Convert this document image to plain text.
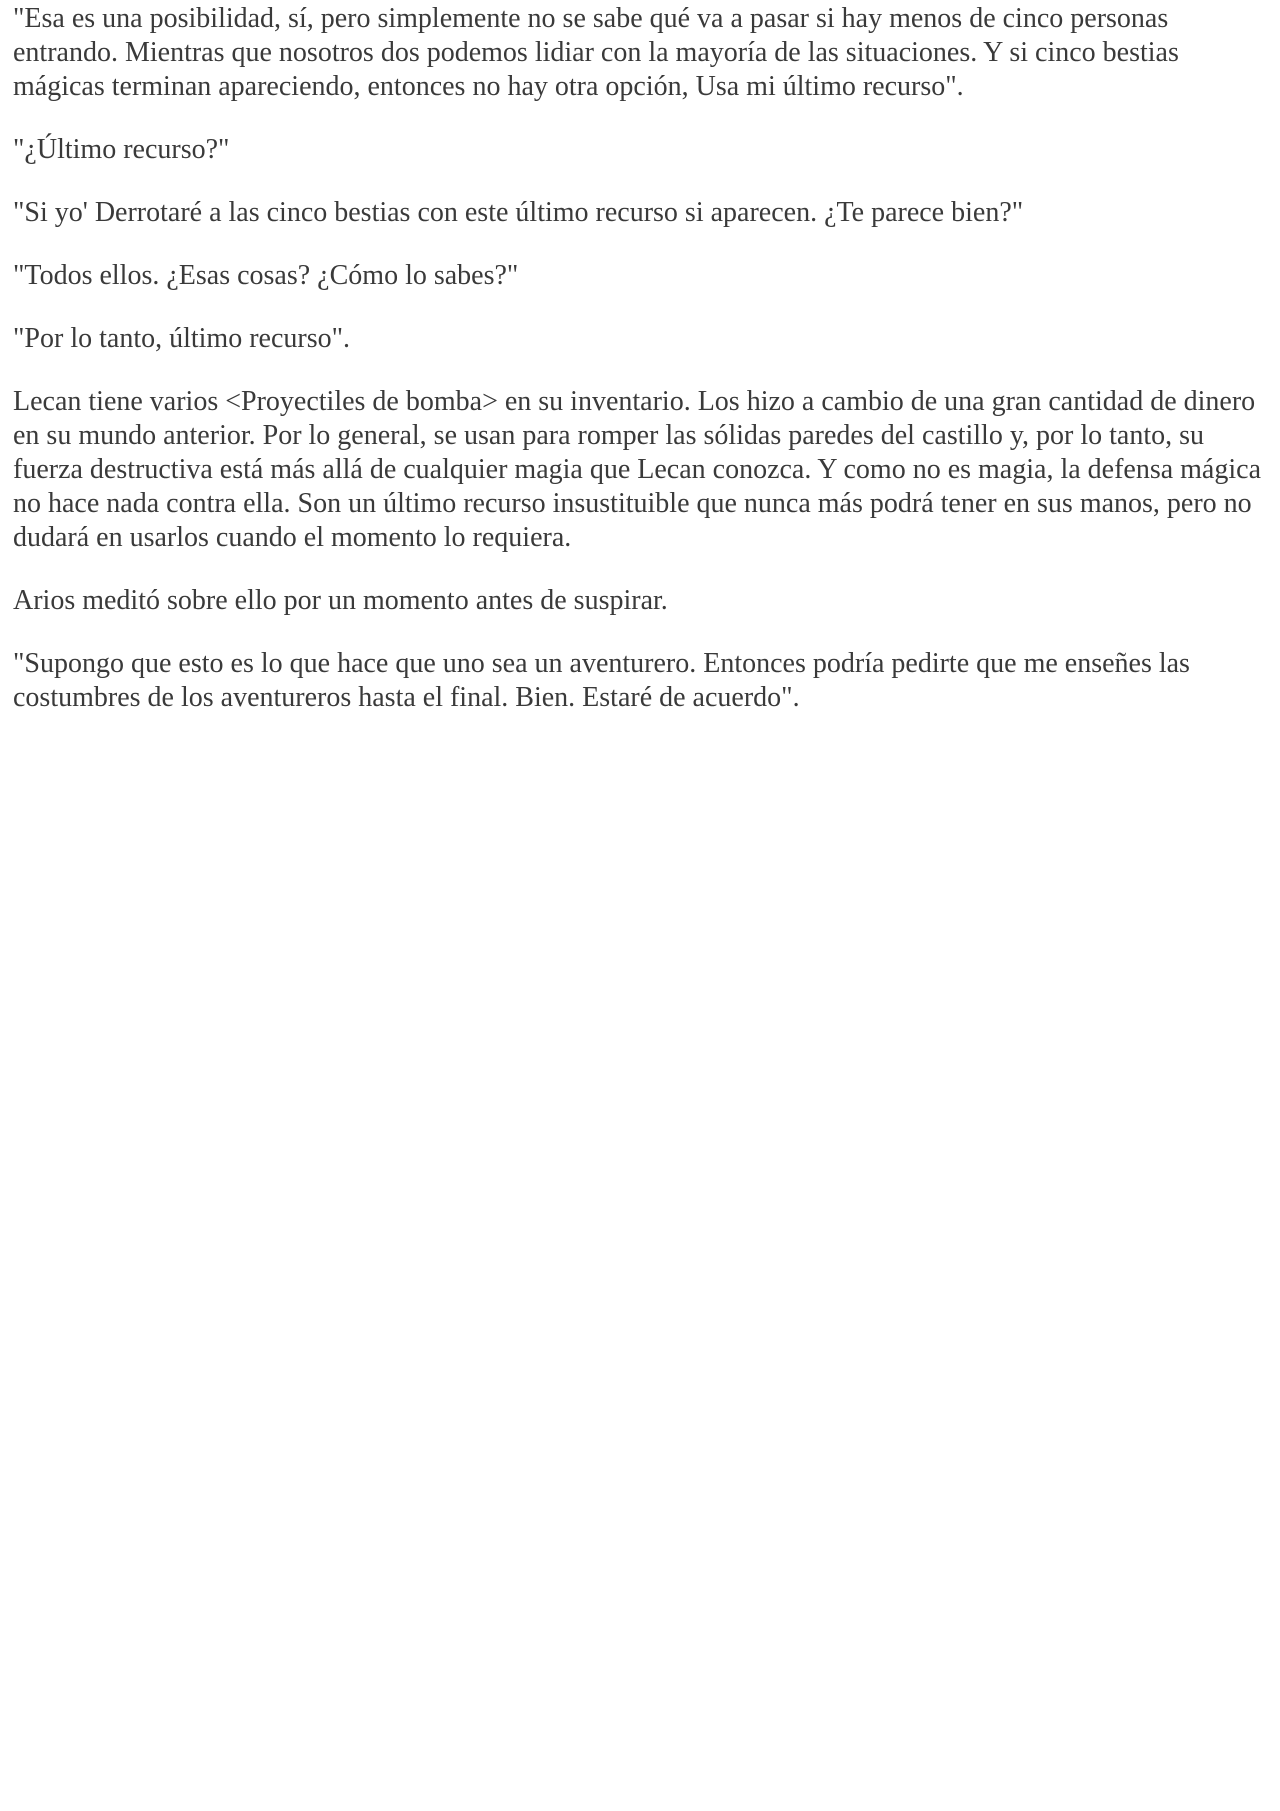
"Esa es una posibilidad, sí, pero simplemente no se sabe qué va a pasar si hay menos de cinco personas entrando. Mientras que nosotros dos podemos lidiar con la mayoría de las situaciones. Y si cinco bestias mágicas terminan apareciendo, entonces no hay otra opción, Usa mi último recurso".

"¿Último recurso?"

"Si yo' Derrotaré a las cinco bestias con este último recurso si aparecen. ¿Te parece bien?"

"Todos ellos. ¿Esas cosas? ¿Cómo lo sabes?"

"Por lo tanto, último recurso".

Lecan tiene varios <Proyectiles de bomba> en su inventario. Los hizo a cambio de una gran cantidad de dinero en su mundo anterior. Por lo general, se usan para romper las sólidas paredes del castillo y, por lo tanto, su fuerza destructiva está más allá de cualquier magia que Lecan conozca. Y como no es magia, la defensa mágica no hace nada contra ella. Son un último recurso insustituible que nunca más podrá tener en sus manos, pero no dudará en usarlos cuando el momento lo requiera.

Arios meditó sobre ello por un momento antes de suspirar.

"Supongo que esto es lo que hace que uno sea un aventurero. Entonces podría pedirte que me enseñes las costumbres de los aventureros hasta el final. Bien. Estaré de acuerdo".
